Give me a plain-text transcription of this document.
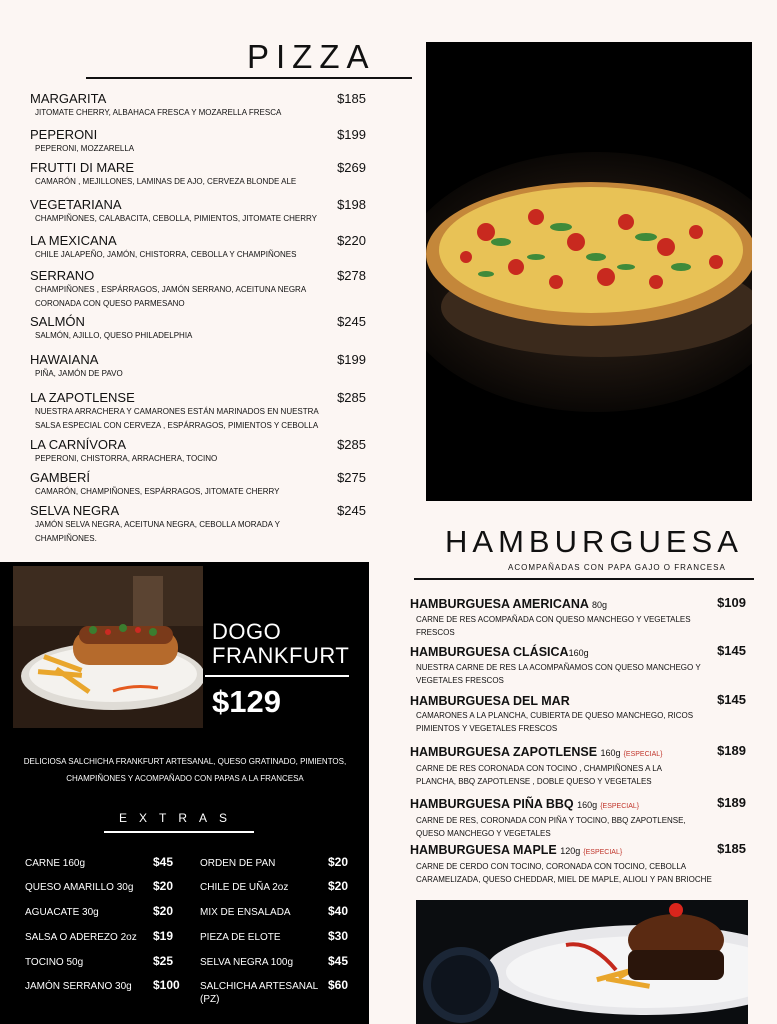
PIZZA
MARGARITA
JITOMATE CHERRY, ALBAHACA FRESCA Y MOZARELLA FRESCA
$185
PEPERONI
PEPERONI, MOZZARELLA
$199
FRUTTI DI MARE
CAMARÓN , MEJILLONES, LAMINAS DE AJO, CERVEZA BLONDE ALE
$269
VEGETARIANA
CHAMPIÑONES, CALABACITA, CEBOLLA, PIMIENTOS, JITOMATE CHERRY
$198
LA MEXICANA
CHILE JALAPEÑO, JAMÓN, CHISTORRA, CEBOLLA Y CHAMPIÑONES
$220
SERRANO
CHAMPIÑONES , ESPÁRRAGOS, JAMÓN SERRANO, ACEITUNA NEGRA CORONADA CON QUESO PARMESANO
$278
SALMÓN
SALMÓN, AJILLO, QUESO PHILADELPHIA
$245
HAWAIANA
PIÑA, JAMÓN DE PAVO
$199
LA ZAPOTLENSE
NUESTRA ARRACHERA Y CAMARONES ESTÁN MARINADOS EN NUESTRA SALSA ESPECIAL CON CERVEZA , ESPÁRRAGOS, PIMIENTOS Y CEBOLLA
$285
LA CARNÍVORA
PEPERONI, CHISTORRA, ARRACHERA, TOCINO
$285
GAMBERÍ
CAMARÓN, CHAMPIÑONES, ESPÁRRAGOS, JITOMATE CHERRY
$275
SELVA NEGRA
JAMÓN SELVA NEGRA, ACEITUNA NEGRA, CEBOLLA MORADA Y CHAMPIÑONES.
$245
HAMBURGUESA
ACOMPAÑADAS CON PAPA GAJO O FRANCESA
HAMBURGUESA AMERICANA 80g
CARNE DE RES ACOMPAÑADA CON QUESO MANCHEGO Y VEGETALES FRESCOS
$109
HAMBURGUESA CLÁSICA160g
NUESTRA CARNE DE RES LA ACOMPAÑAMOS CON QUESO MANCHEGO Y VEGETALES FRESCOS
$145
HAMBURGUESA DEL MAR
CAMARONES A LA PLANCHA, CUBIERTA DE QUESO MANCHEGO, RICOS PIMIENTOS Y VEGETALES FRESCOS
$145
HAMBURGUESA ZAPOTLENSE 160g {ESPECIAL}
CARNE DE RES CORONADA CON TOCINO , CHAMPIÑONES A LA PLANCHA, BBQ ZAPOTLENSE , DOBLE QUESO Y VEGETALES
$189
HAMBURGUESA PIÑA BBQ 160g {ESPECIAL}
CARNE DE RES, CORONADA CON PIÑA Y TOCINO, BBQ ZAPOTLENSE, QUESO MANCHEGO Y VEGETALES
$189
HAMBURGUESA MAPLE 120g {ESPECIAL}
CARNE DE CERDO CON TOCINO, CORONADA CON TOCINO, CEBOLLA CARAMELIZADA, QUESO CHEDDAR, MIEL DE MAPLE, ALIOLI Y PAN BRIOCHE
$185
DOGO FRANKFURT
$129
DELICIOSA SALCHICHA FRANKFURT ARTESANAL, QUESO GRATINADO, PIMIENTOS, CHAMPIÑONES Y ACOMPAÑADO CON PAPAS A LA FRANCESA
EXTRAS
CARNE 160g	$45
QUESO AMARILLO 30g $20
AGUACATE 30g	$20
SALSA O ADEREZO 2oz $19
TOCINO 50g	$25
JAMÓN SERRANO 30g $100
ORDEN DE PAN	$20
CHILE DE UÑA 2oz	$20
MIX DE ENSALADA	$40
PIEZA DE ELOTE	$30
SELVA NEGRA 100g	$45
SALCHICHA ARTESANAL (PZ)
$60
